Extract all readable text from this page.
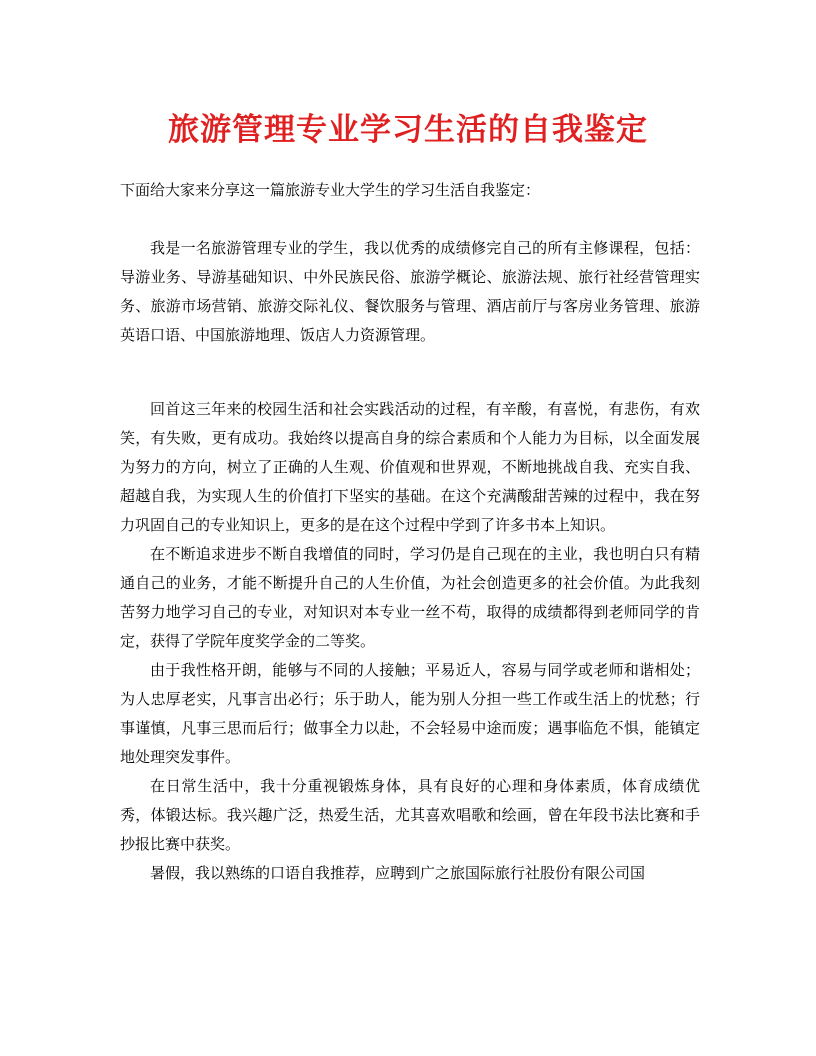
旅游管理专业学习生活的自我鉴定
下面给大家来分享这一篇旅游专业大学生的学习生活自我鉴定：

我是一名旅游管理专业的学生，我以优秀的成绩修完自己的所有主修课程，包括：导游业务、导游基础知识、中外民族民俗、旅游学概论、旅游法规、旅行社经营管理实务、旅游市场营销、旅游交际礼仪、餐饮服务与管理、酒店前厅与客房业务管理、旅游英语口语、中国旅游地理、饭店人力资源管理。

回首这三年来的校园生活和社会实践活动的过程，有辛酸，有喜悦，有悲伤，有欢笑，有失败，更有成功。我始终以提高自身的综合素质和个人能力为目标，以全面发展为努力的方向，树立了正确的人生观、价值观和世界观，不断地挑战自我、充实自我、超越自我，为实现人生的价值打下坚实的基础。在这个充满酸甜苦辣的过程中，我在努力巩固自己的专业知识上，更多的是在这个过程中学到了许多书本上知识。

在不断追求进步不断自我增值的同时，学习仍是自己现在的主业，我也明白只有精通自己的业务，才能不断提升自己的人生价值，为社会创造更多的社会价值。为此我刻苦努力地学习自己的专业，对知识对本专业一丝不苟，取得的成绩都得到老师同学的肯定，获得了学院年度奖学金的二等奖。

由于我性格开朗，能够与不同的人接触；平易近人，容易与同学或老师和谐相处；为人忠厚老实，凡事言出必行；乐于助人，能为别人分担一些工作或生活上的忧愁；行事谨慎，凡事三思而后行；做事全力以赴，不会轻易中途而废；遇事临危不惧，能镇定地处理突发事件。

在日常生活中，我十分重视锻炼身体，具有良好的心理和身体素质，体育成绩优秀，体锻达标。我兴趣广泛，热爱生活，尤其喜欢唱歌和绘画，曾在年段书法比赛和手抄报比赛中获奖。

暑假，我以熟练的口语自我推荐，应聘到广之旅国际旅行社股份有限公司国
